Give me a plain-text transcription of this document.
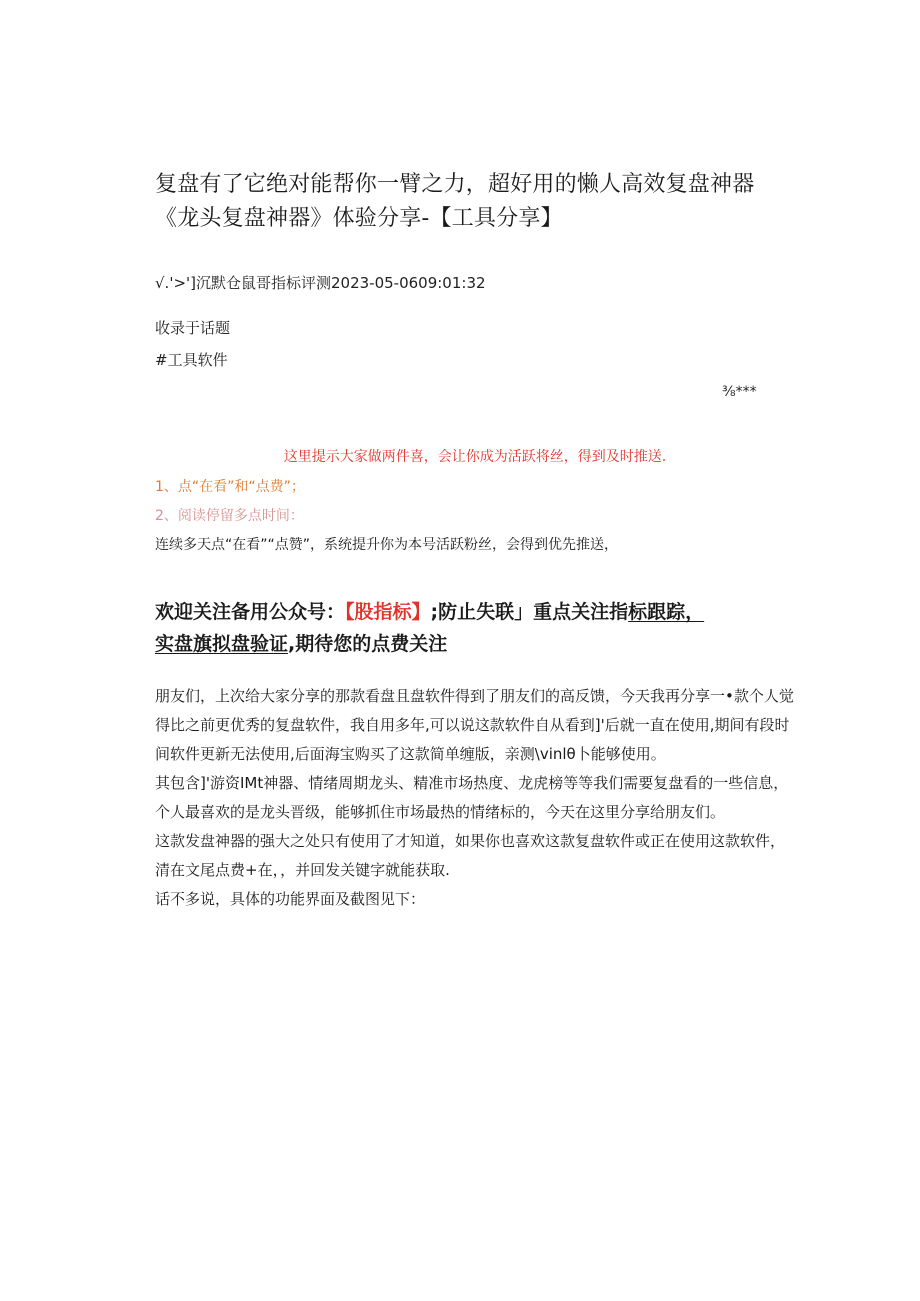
复盘有了它绝对能帮你一臂之力，超好用的懒人高效复盘神器《龙头复盘神器》体验分享-【工具分享】
√.'>']沉默仓鼠哥指标评测2023-05-0609:01:32
收录于话题
#工具软件
⅜***
这里提示大家做两件喜，会让你成为活跃将丝，得到及时推送.
1、点“在看”和“点费”；
2、阅读停留多点时间：
连续多天点“在看”“点赞”，系统提升你为本号活跃粉丝，会得到优先推送，
欢迎关注备用公众号：【股指标】;防止失联」重点关注指标跟踪，
实盘旗拟盘验证,期待您的点费关注

朋友们，上次给大家分享的那款看盘且盘软件得到了朋友们的高反馈，今天我再分享一•款个人觉得比之前更优秀的复盘软件，我自用多年,可以说这款软件自从看到]'后就一直在使用,期间有段时间软件更新无法使用,后面海宝购买了这款简单缠版，亲测\vinlθ卜能够使用。

其包含]'游资IMt神器、情绪周期龙头、精准市场热度、龙虎榜等等我们需要复盘看的一些信息，个人最喜欢的是龙头晋级，能够抓住市场最热的情绪标的，今天在这里分享给朋友们。

这款发盘神器的强大之处只有使用了才知道，如果你也喜欢这款复盘软件或正在使用这款软件，清在文尾点费+在，，并回发关键字就能获取.

话不多说，具体的功能界面及截图见下：
